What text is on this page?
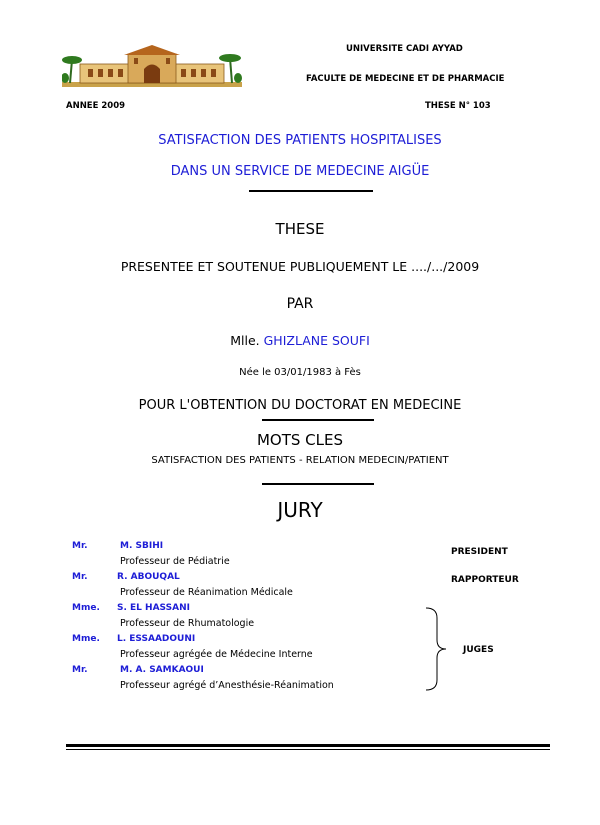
UNIVERSITE CADI AYYAD
FACULTE DE MEDECINE ET DE PHARMACIE
ANNEE 2009	THESE N° 103
SATISFACTION DES PATIENTS HOSPITALISES
DANS UN SERVICE DE MEDECINE AIGÜE
THESE
PRESENTEE ET SOUTENUE PUBLIQUEMENT LE ..../.../2009
PAR
Mlle. GHIZLANE SOUFI
Née le 03/01/1983 à Fès
POUR L'OBTENTION DU DOCTORAT EN MEDECINE
MOTS CLES
SATISFACTION DES PATIENTS - RELATION MEDECIN/PATIENT
JURY
Mr.	M. SBIHI
Professeur de Pédiatrie
Mr.	R. ABOUQAL
Professeur de Réanimation Médicale
Mme. S. EL HASSANI
Professeur de Rhumatologie
Mme. L. ESSAADOUNI
Professeur agrégée de Médecine Interne
Mr.	M. A. SAMKAOUI
Professeur agrégé d’Anesthésie-Réanimation
PRESIDENT
RAPPORTEUR
JUGES
